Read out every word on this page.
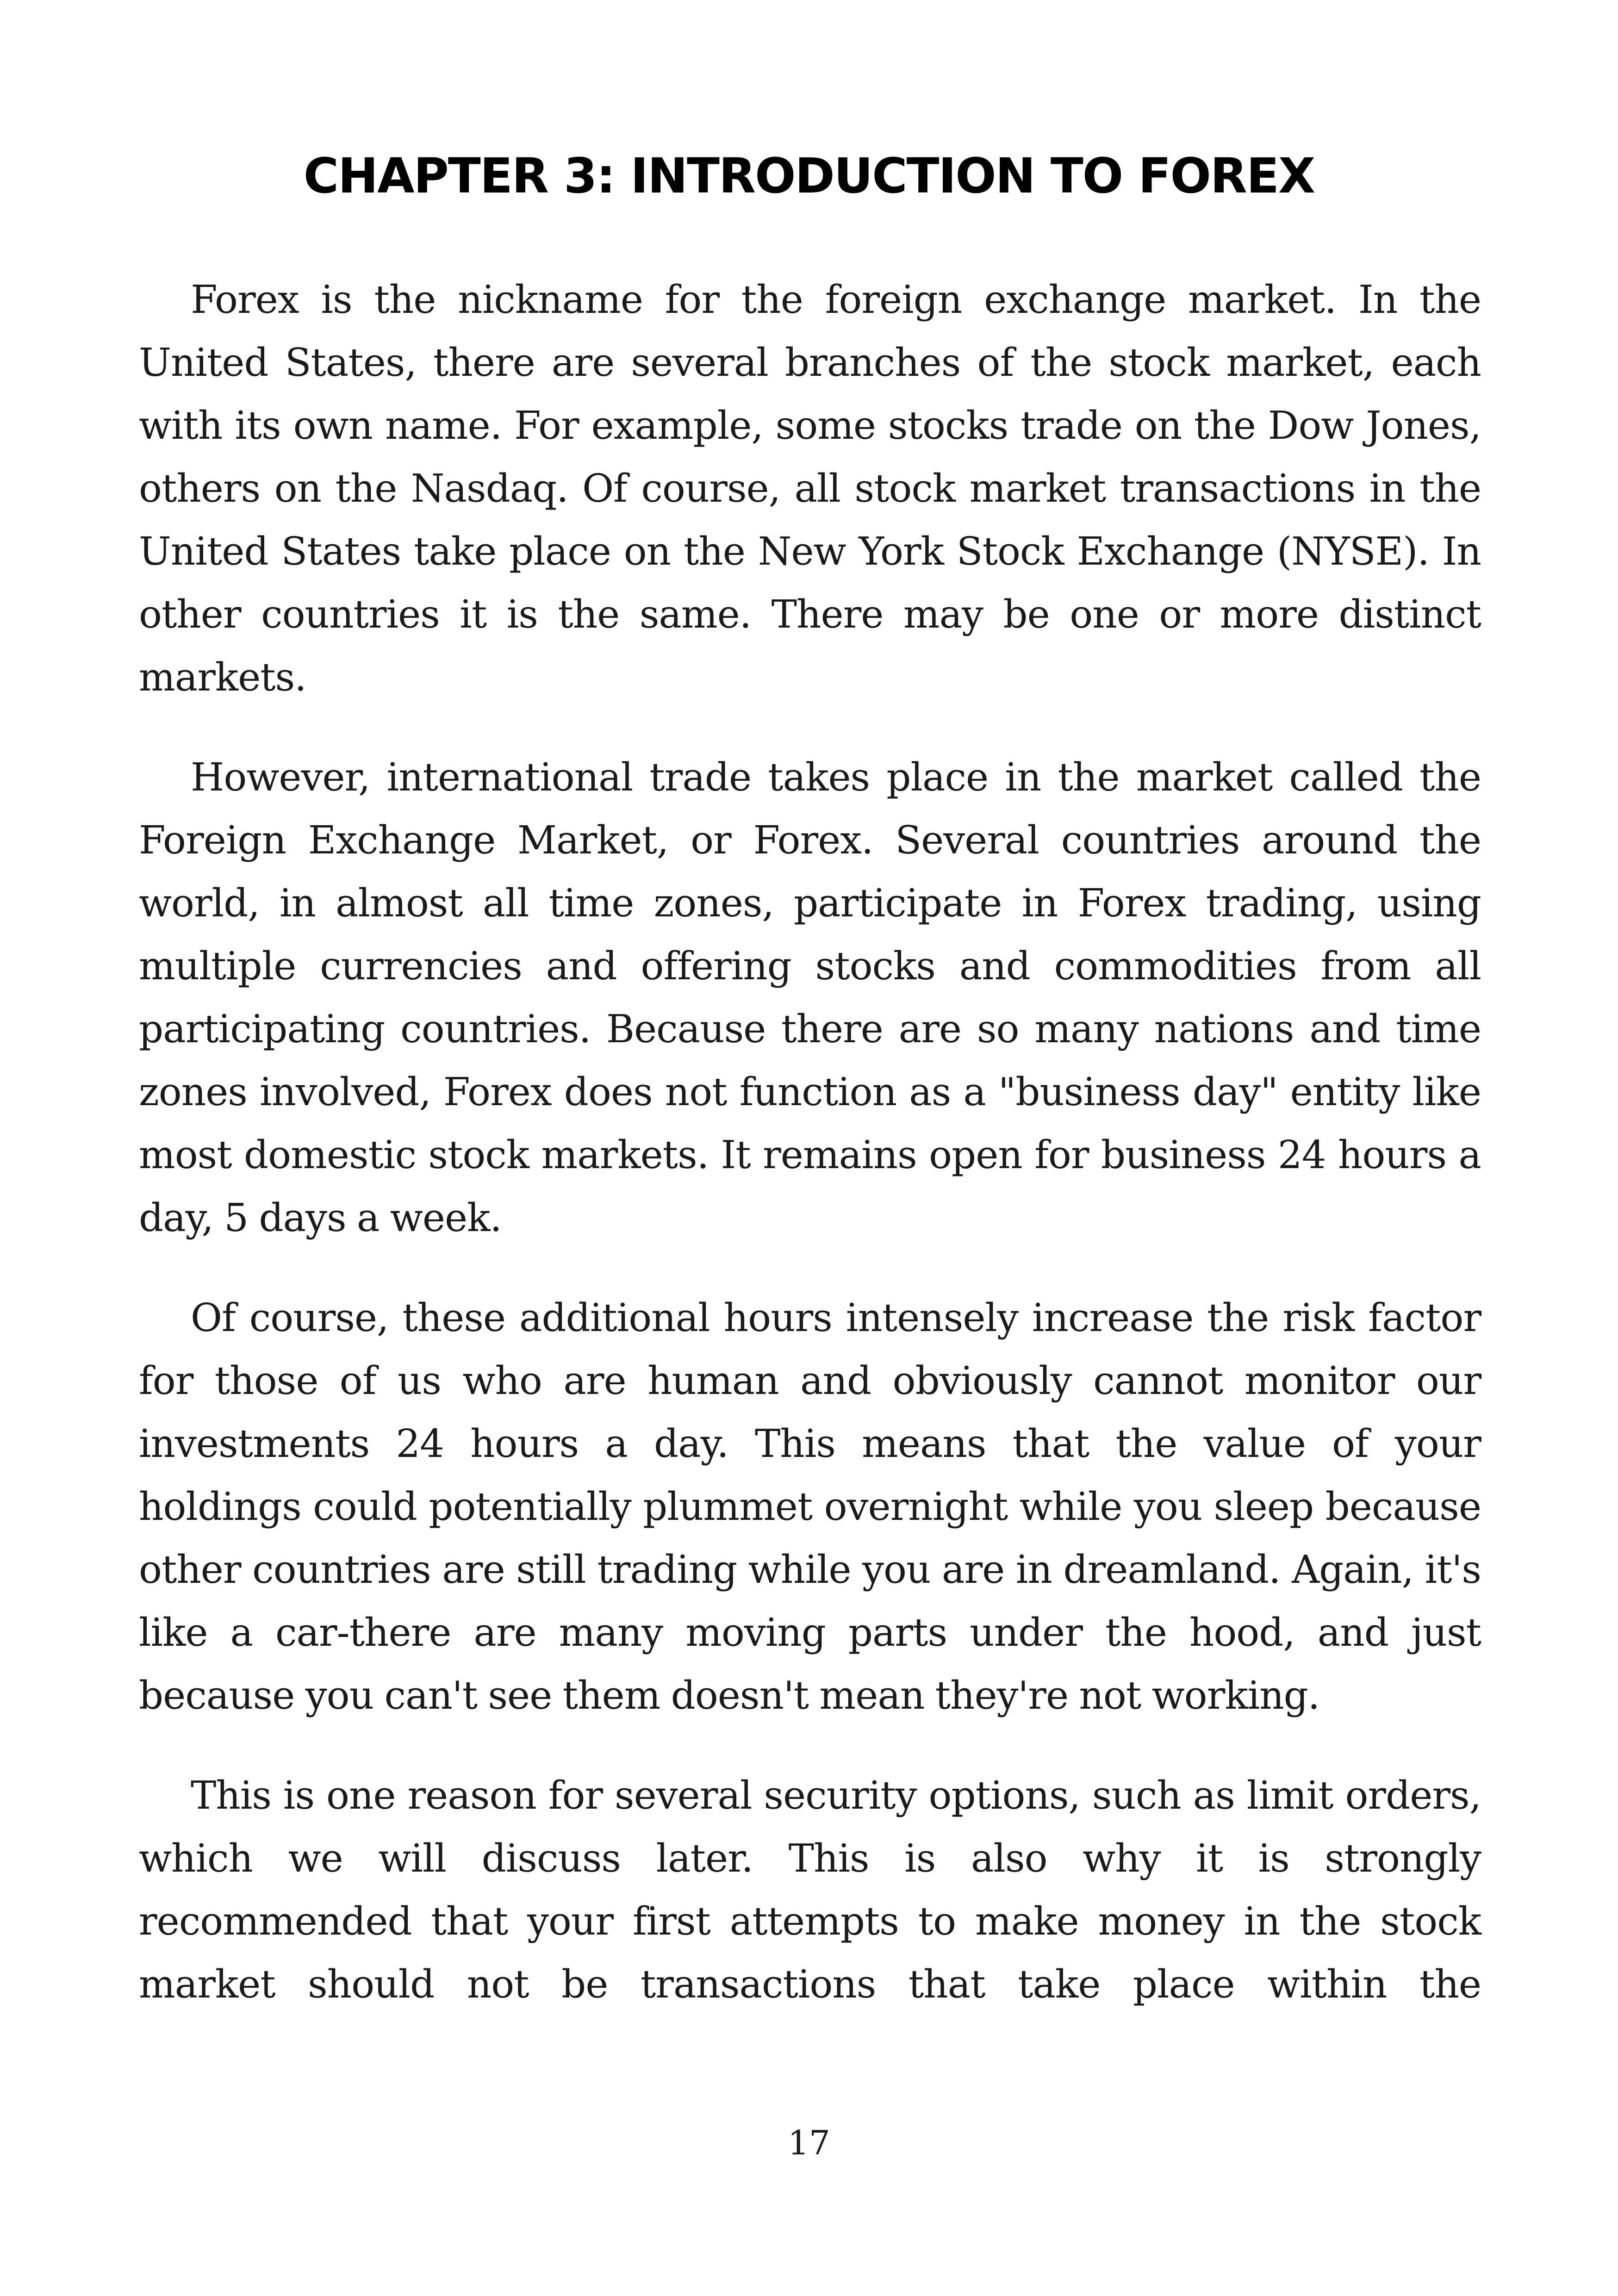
CHAPTER 3: INTRODUCTION TO FOREX

Forex is the nickname for the foreign exchange market. In the United States, there are several branches of the stock market, each with its own name. For example, some stocks trade on the Dow Jones, others on the Nasdaq. Of course, all stock market transactions in the United States take place on the New York Stock Exchange (NYSE). In other countries it is the same. There may be one or more distinct markets.

However, international trade takes place in the market called the Foreign Exchange Market, or Forex. Several countries around the world, in almost all time zones, participate in Forex trading, using multiple currencies and offering stocks and commodities from all participating countries. Because there are so many nations and time zones involved, Forex does not function as a "business day" entity like most domestic stock markets. It remains open for business 24 hours a day, 5 days a week.

Of course, these additional hours intensely increase the risk factor for those of us who are human and obviously cannot monitor our investments 24 hours a day. This means that the value of your holdings could potentially plummet overnight while you sleep because other countries are still trading while you are in dreamland. Again, it's like a car-there are many moving parts under the hood, and just because you can't see them doesn't mean they're not working.

This is one reason for several security options, such as limit orders, which we will discuss later. This is also why it is strongly recommended that your first attempts to make money in the stock market should not be transactions that take place within the

17
